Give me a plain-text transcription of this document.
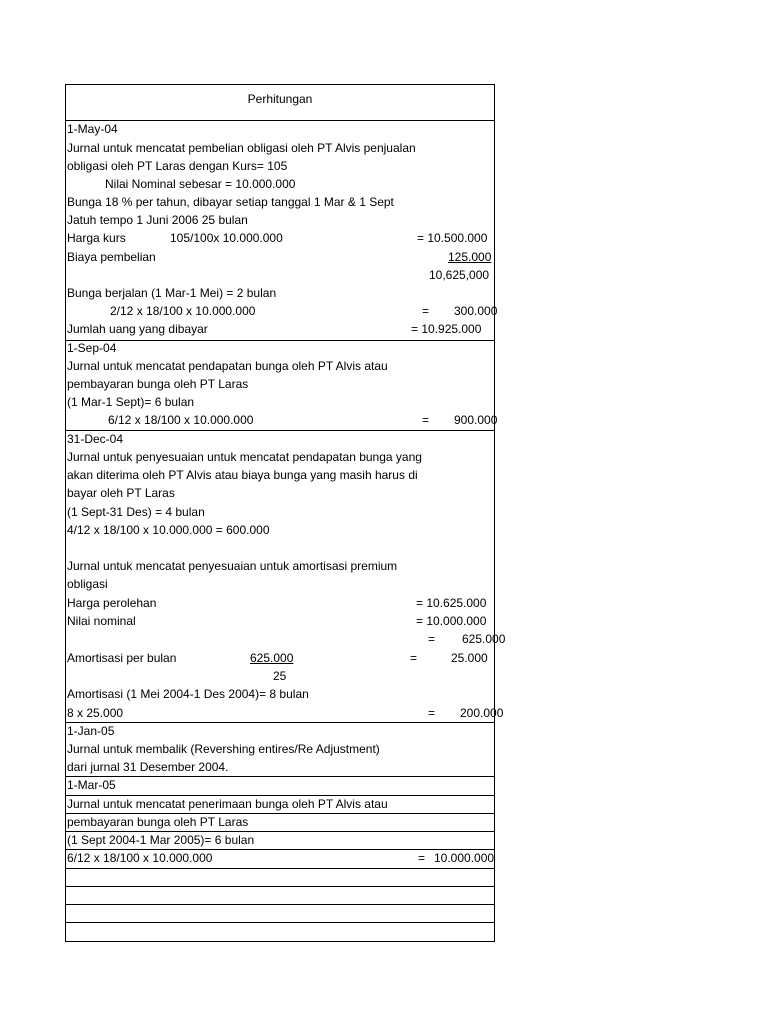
Perhitungan
1-May-04
Jurnal untuk mencatat pembelian obligasi oleh PT Alvis penjualan
obligasi oleh PT Laras dengan Kurs= 105
Nilai Nominal sebesar = 10.000.000
Bunga 18 % per tahun, dibayar setiap tanggal 1 Mar & 1 Sept
Jatuh tempo 1 Juni 2006 25 bulan
Harga kurs	105/100x 10.000.000	= 10.500.000
Biaya pembelian	125.000
10,625,000
Bunga berjalan (1 Mar-1 Mei) = 2 bulan
2/12 x 18/100 x 10.000.000	= 300.000
Jumlah uang yang dibayar	= 10.925.000
1-Sep-04
Jurnal untuk mencatat pendapatan bunga oleh PT Alvis atau
pembayaran bunga oleh PT Laras
(1 Mar-1 Sept)= 6 bulan
6/12 x 18/100 x 10.000.000	= 900.000
31-Dec-04
Jurnal untuk penyesuaian untuk mencatat pendapatan bunga yang
akan diterima oleh PT Alvis atau biaya bunga yang masih harus di
bayar oleh PT Laras
(1 Sept-31 Des) = 4 bulan
4/12 x 18/100 x 10.000.000 = 600.000
Jurnal untuk mencatat penyesuaian untuk amortisasi premium
obligasi
Harga perolehan	= 10.625.000
Nilai nominal	= 10.000.000
= 625.000
Amortisasi per bulan	625.000	=	25.000
25
Amortisasi (1 Mei 2004-1 Des 2004)= 8 bulan
8 x 25.000	= 200.000
1-Jan-05
Jurnal untuk membalik (Revershing entires/Re Adjustment)
dari jurnal 31 Desember 2004.
1-Mar-05
Jurnal untuk mencatat penerimaan bunga oleh PT Alvis atau
pembayaran bunga oleh PT Laras
(1 Sept 2004-1 Mar 2005)= 6 bulan
6/12 x 18/100 x 10.000.000	= 10.000.000
